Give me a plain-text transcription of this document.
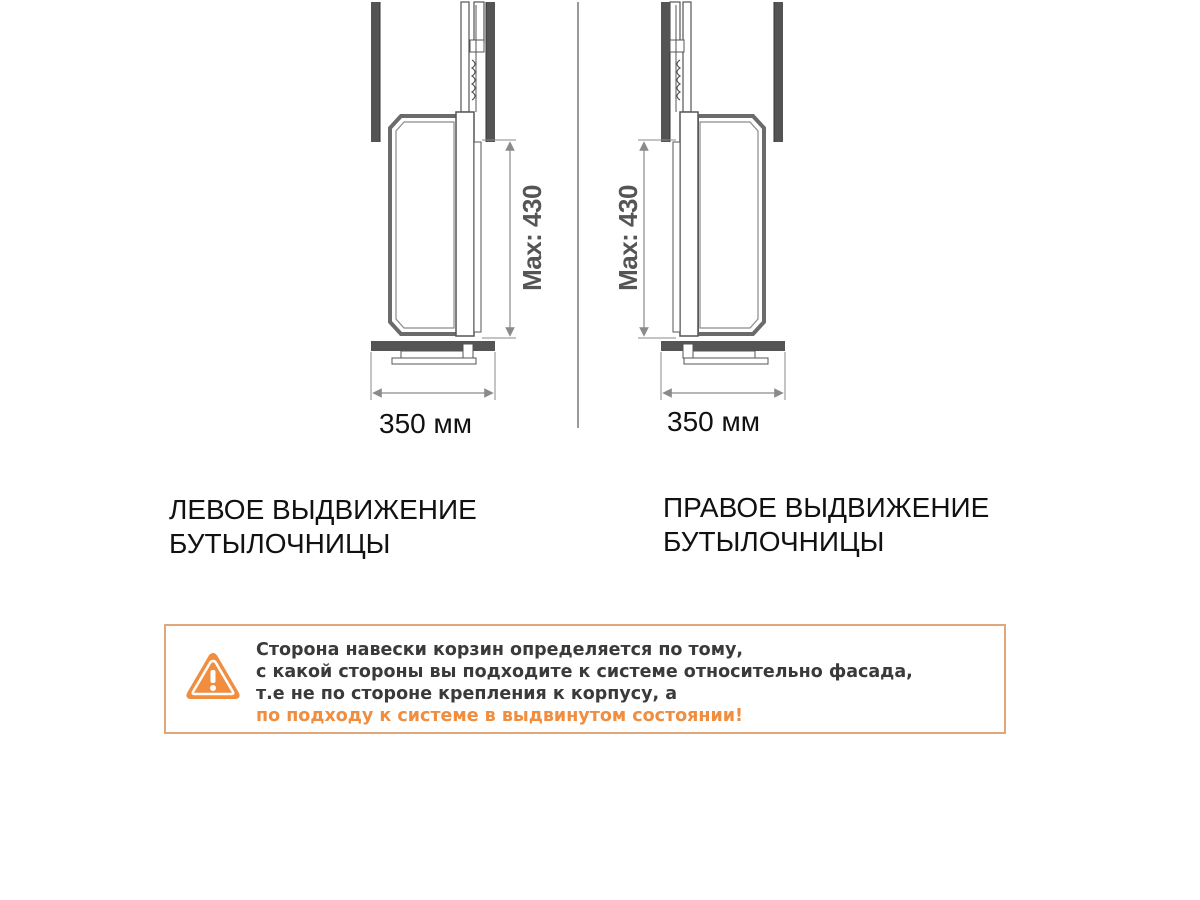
Max: 430	Max: 430
350 мм	350 мм
ЛЕВОЕ ВЫДВИЖЕНИЕ
БУТЫЛОЧНИЦЫ
ПРАВОЕ ВЫДВИЖЕНИЕ
БУТЫЛОЧНИЦЫ
Сторона навески корзин определяется по тому,
с какой стороны вы подходите к системе относительно фасада,
т.е не по стороне крепления к корпусу, а
по подходу к системе в выдвинутом состоянии!
